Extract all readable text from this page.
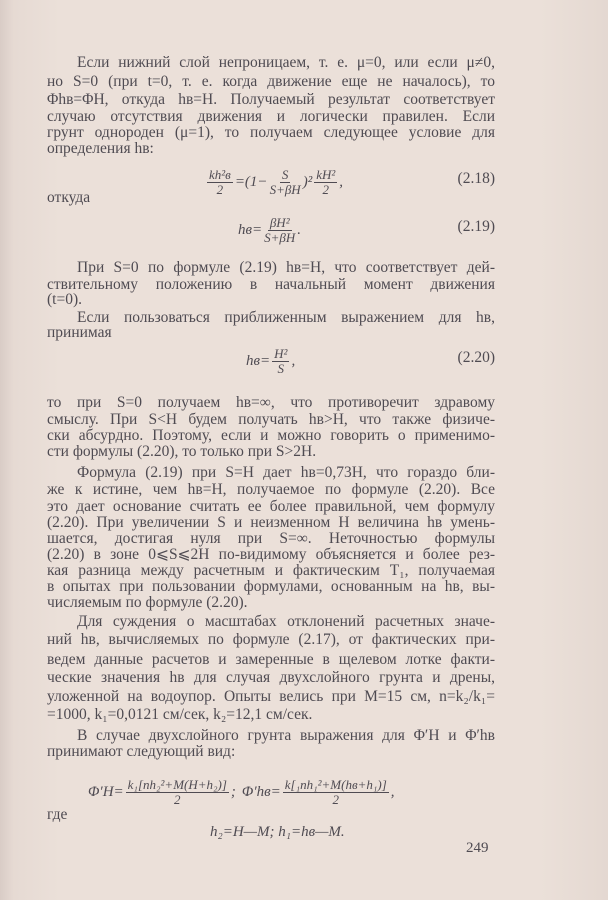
Если нижний слой непроницаем, т. е. μ=0, или если μ≠0,
но S=0 (при t=0, т. е. когда движение еще не началось), то
Φhв=ΦH, откуда hв=H. Получаемый результат соответствует
случаю отсутствия движения и логически правилен. Если
грунт однороден (μ=1), то получаем следующее условие для
определения hв:
откуда
При S=0 по формуле (2.19) hв=H, что соответствует дей-
ствительному положению в начальный момент движения
(t=0).
Если пользоваться приближенным выражением для hв,
принимая
то при S=0 получаем hв=∞, что противоречит здравому
смыслу. При S<H будем получать hв>H, что также физиче-
ски абсурдно. Поэтому, если и можно говорить о применимо-
сти формулы (2.20), то только при S>2H.
Формула (2.19) при S=H дает hв=0,73H, что гораздо бли-
же к истине, чем hв=H, получаемое по формуле (2.20). Все
это дает основание считать ее более правильной, чем формулу
(2.20). При увеличении S и неизменном H величина hв умень-
шается, достигая нуля при S=∞. Неточностью формулы
(2.20) в зоне 0⩽S⩽2H по-видимому объясняется и более рез-
кая разница между расчетным и фактическим T₁, получаемая
в опытах при пользовании формулами, основанным на hв, вы-
числяемым по формуле (2.20).
Для суждения о масштабах отклонений расчетных значе-
ний hв, вычисляемых по формуле (2.17), от фактических при-
ведем данные расчетов и замеренные в щелевом лотке факти-
ческие значения hв для случая двухслойного грунта и дрены,
уложенной на водоупор. Опыты велись при M=15 см, n=k₂/k₁=
=1000, k₁=0,0121 см/сек, k₂=12,1 см/сек.
В случае двухслойного грунта выражения для Φ′H и Φ′hв
принимают следующий вид:
где
$\frac{\text{kh²в}}{2} =(1- \frac{S}{S+\beta H} )^2 \frac{\text{kH²}}{2}$ ,	(2.18)
$hв= \frac{\text{βH²}}{S+\beta H}$ .	(2.19)
$hв= \frac{\text{H²}}{S}$ ,	(2.20)
$\Phi'H= \frac{\text{k₁[nh₂²+M(H+h₂)]}}{2}$ ; $\Phi'hв= \frac{\text{k[₁nh₁²+M(hв+h₁)]}}{2}$ ,
h₂=H—M; h₁=hв—M.
249
